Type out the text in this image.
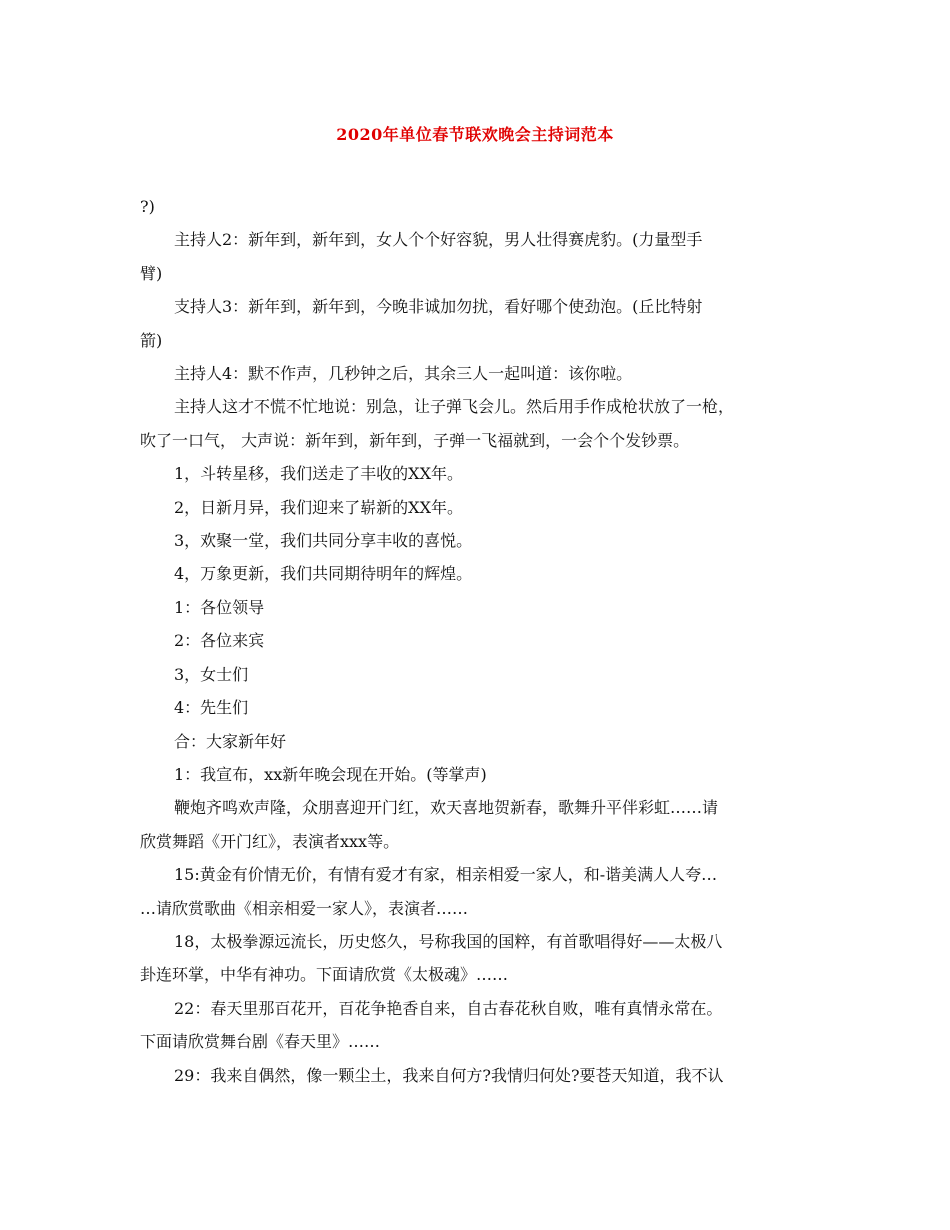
2020年单位春节联欢晚会主持词范本

?)

主持人2：新年到，新年到，女人个个好容貌，男人壮得赛虎豹。(力量型手

臂)

支持人3：新年到，新年到，今晚非诚加勿扰，看好哪个使劲泡。(丘比特射

箭)

主持人4：默不作声，几秒钟之后，其余三人一起叫道：该你啦。

主持人这才不慌不忙地说：别急，让子弹飞会儿。然后用手作成枪状放了一枪，

吹了一口气， 大声说：新年到，新年到，子弹一飞福就到，一会个个发钞票。

1，斗转星移，我们送走了丰收的XX年。

2，日新月异，我们迎来了崭新的XX年。

3，欢聚一堂，我们共同分享丰收的喜悦。

4，万象更新，我们共同期待明年的辉煌。

1：各位领导

2：各位来宾

3，女士们

4：先生们

合：大家新年好

1：我宣布，xx新年晚会现在开始。(等掌声)

鞭炮齐鸣欢声隆，众朋喜迎开门红，欢天喜地贺新春，歌舞升平伴彩虹……请

欣赏舞蹈《开门红》，表演者xxx等。

15:黄金有价情无价，有情有爱才有家，相亲相爱一家人，和-谐美满人人夸…

…请欣赏歌曲《相亲相爱一家人》，表演者……

18，太极拳源远流长，历史悠久，号称我国的国粹，有首歌唱得好——太极八

卦连环掌，中华有神功。下面请欣赏《太极魂》……

22：春天里那百花开，百花争艳香自来，自古春花秋自败，唯有真情永常在。

下面请欣赏舞台剧《春天里》……

29：我来自偶然，像一颗尘土，我来自何方?我情归何处?要苍天知道，我不认
